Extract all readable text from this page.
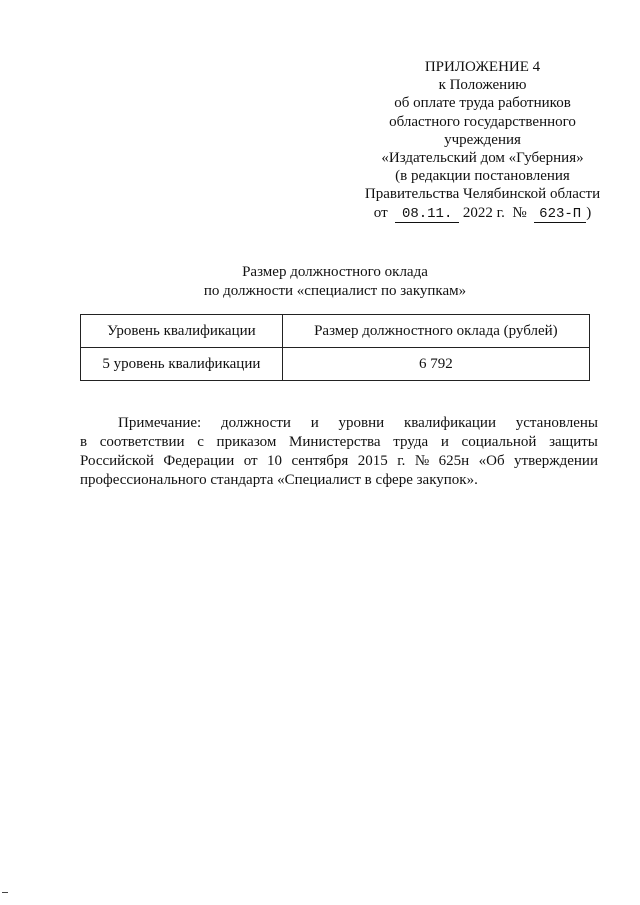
ПРИЛОЖЕНИЕ 4
к Положению
об оплате труда работников
областного государственного
учреждения
«Издательский дом «Губерния»
(в редакции постановления
Правительства Челябинской области
от 08.11. 2022 г. № 623-П )
Размер должностного оклада
по должности «специалист по закупкам»
Уровень квалификации	Размер должностного оклада (рублей)
5 уровень квалификации	6 792
Примечание: должности и уровни квалификации установлены
в соответствии с приказом Министерства труда и социальной защиты
Российской Федерации от 10 сентября 2015 г. № 625н «Об утверждении
профессионального стандарта «Специалист в сфере закупок».
